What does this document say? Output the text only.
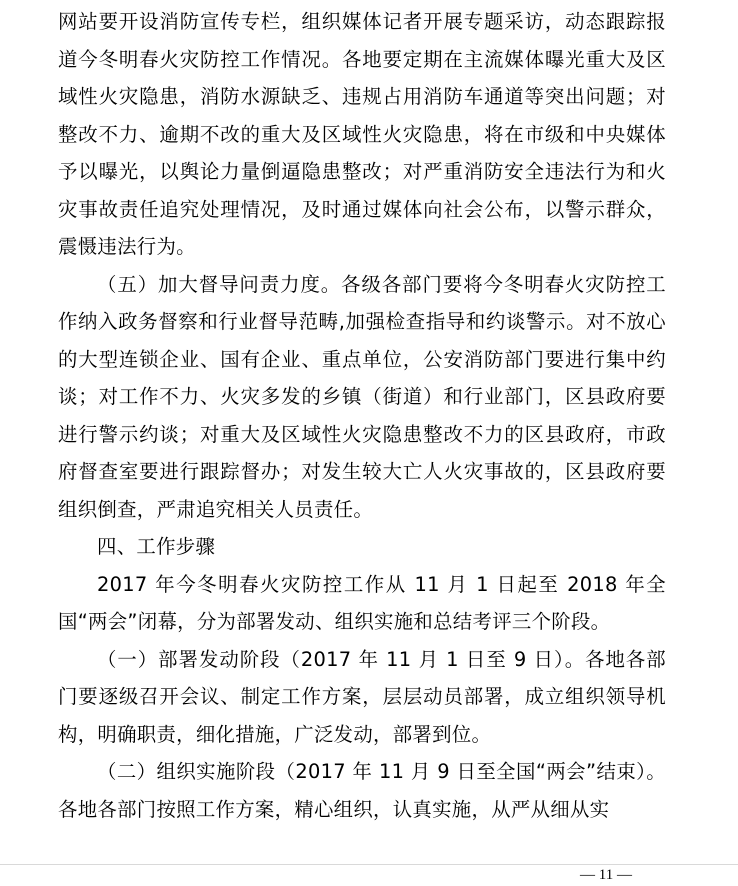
网站要开设消防宣传专栏，组织媒体记者开展专题采访，动态跟踪报道今冬明春火灾防控工作情况。各地要定期在主流媒体曝光重大及区域性火灾隐患，消防水源缺乏、违规占用消防车通道等突出问题；对整改不力、逾期不改的重大及区域性火灾隐患，将在市级和中央媒体予以曝光，以舆论力量倒逼隐患整改；对严重消防安全违法行为和火灾事故责任追究处理情况，及时通过媒体向社会公布，以警示群众，震慑违法行为。

（五）加大督导问责力度。各级各部门要将今冬明春火灾防控工作纳入政务督察和行业督导范畴,加强检查指导和约谈警示。对不放心的大型连锁企业、国有企业、重点单位，公安消防部门要进行集中约谈；对工作不力、火灾多发的乡镇（街道）和行业部门，区县政府要进行警示约谈；对重大及区域性火灾隐患整改不力的区县政府，市政府督查室要进行跟踪督办；对发生较大亡人火灾事故的，区县政府要组织倒查，严肃追究相关人员责任。

四、工作步骤

2017 年今冬明春火灾防控工作从 11 月 1 日起至 2018 年全国“两会”闭幕，分为部署发动、组织实施和总结考评三个阶段。

（一）部署发动阶段（2017 年 11 月 1 日至 9 日）。各地各部门要逐级召开会议、制定工作方案，层层动员部署，成立组织领导机构，明确职责，细化措施，广泛发动，部署到位。

（二）组织实施阶段（2017 年 11 月 9 日至全国“两会”结束）。各地各部门按照工作方案，精心组织，认真实施，从严从细从实

— 11 —
